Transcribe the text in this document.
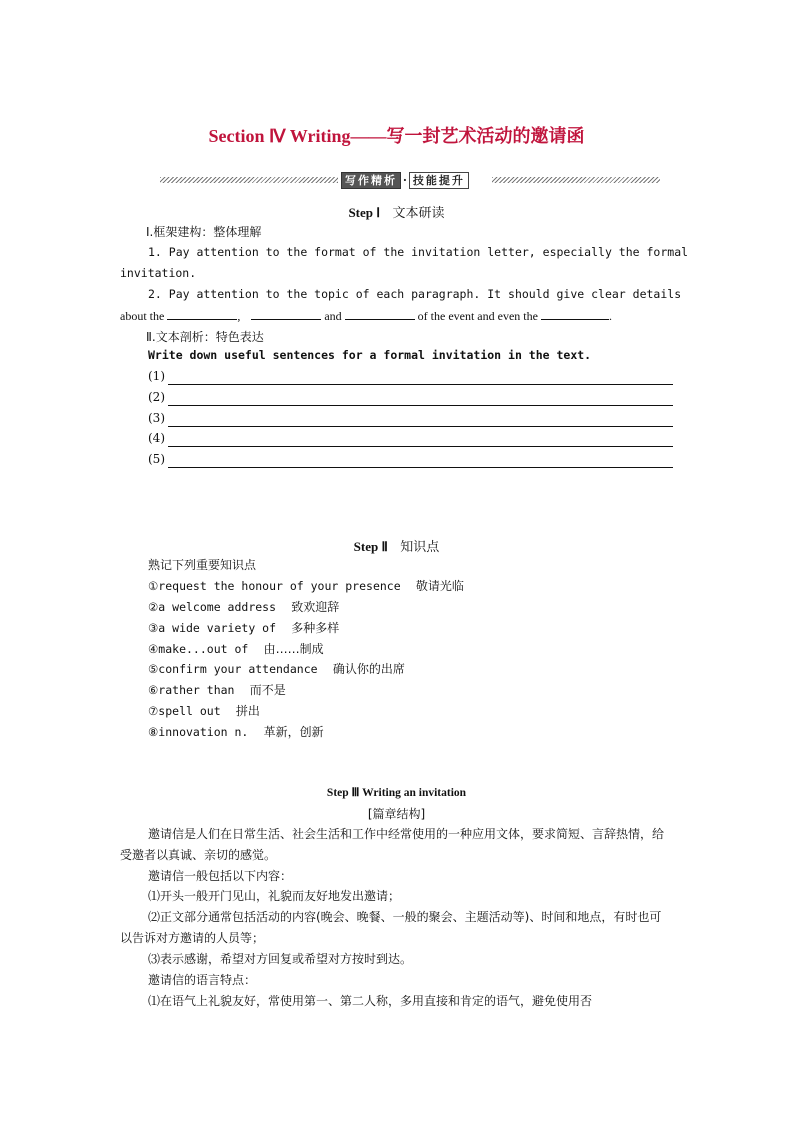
Section Ⅳ Writing——写一封艺术活动的邀请函
写作精析 · 技能提升
Step Ⅰ 文本研读
Ⅰ.框架建构：整体理解
1. Pay attention to the format of the invitation letter, especially the formal
invitation.
2. Pay attention to the topic of each paragraph. It should give clear details
about the	,	and	of the event and even the	.
Ⅱ.文本剖析：特色表达
Write down useful sentences for a formal invitation in the text.
(1)
(2)
(3)
(4)
(5)
Step Ⅱ 知识点
熟记下列重要知识点
①request the honour of your presence 敬请光临
②a welcome address 致欢迎辞
③a wide variety of 多种多样
④make...out of 由……制成
⑤confirm your attendance 确认你的出席
⑥rather than 而不是
⑦spell out 拼出
⑧innovation n. 革新，创新
Step Ⅲ Writing an invitation
[篇章结构]
邀请信是人们在日常生活、社会生活和工作中经常使用的一种应用文体，要求简短、言辞热情，给受邀者以真诚、亲切的感觉。
邀请信一般包括以下内容：
⑴开头一般开门见山，礼貌而友好地发出邀请；
⑵正文部分通常包括活动的内容(晚会、晚餐、一般的聚会、主题活动等)、时间和地点，有时也可以告诉对方邀请的人员等；
⑶表示感谢，希望对方回复或希望对方按时到达。
邀请信的语言特点：
⑴在语气上礼貌友好，常使用第一、第二人称，多用直接和肯定的语气，避免使用否
